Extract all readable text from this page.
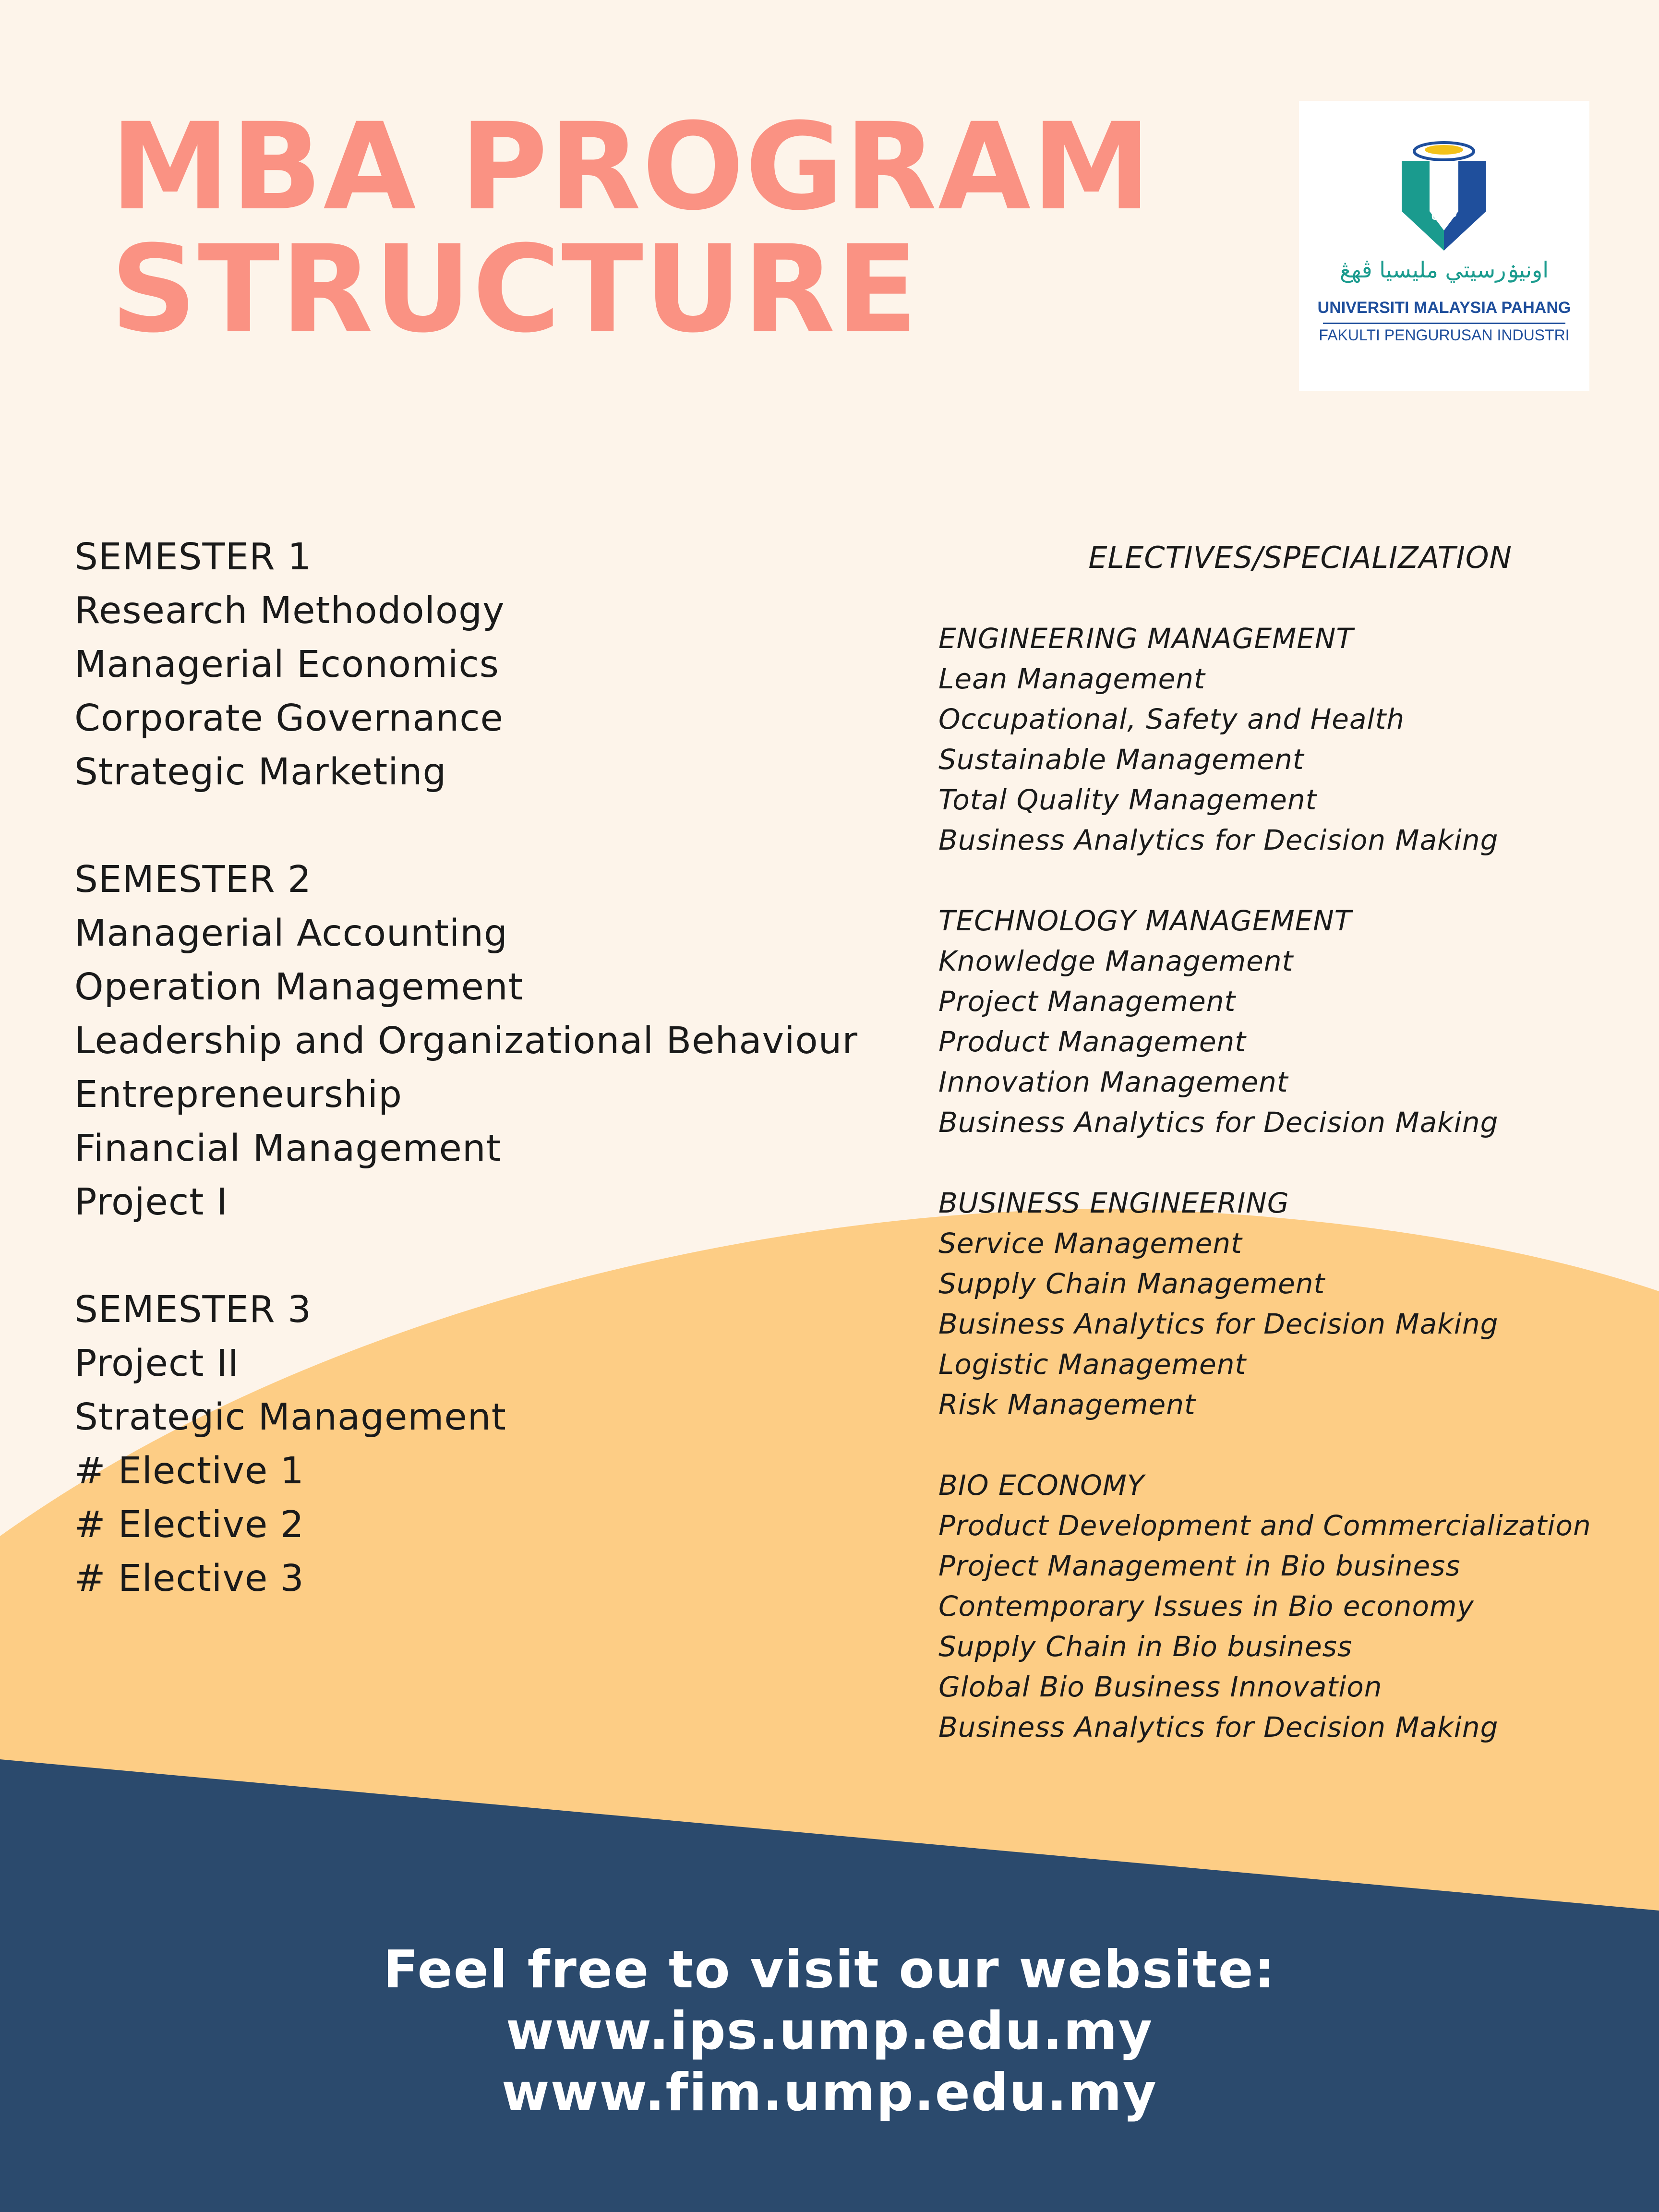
MBA PROGRAM
STRUCTURE
UMP

اونيۏرسيتي مليسيا ڤهڠ

UNIVERSITI MALAYSIA PAHANG

FAKULTI PENGURUSAN INDUSTRI

SEMESTER 1
Research Methodology
Managerial Economics
Corporate Governance
Strategic Marketing
SEMESTER 2
Managerial Accounting
Operation Management
Leadership and Organizational Behaviour
Entrepreneurship
Financial Management
Project I
SEMESTER 3
Project II
Strategic Management
# Elective 1
# Elective 2
# Elective 3
ELECTIVES/SPECIALIZATION
ENGINEERING MANAGEMENT
Lean Management
Occupational, Safety and Health
Sustainable Management
Total Quality Management
Business Analytics for Decision Making
TECHNOLOGY MANAGEMENT
Knowledge Management
Project Management
Product Management
Innovation Management
Business Analytics for Decision Making
BUSINESS ENGINEERING
Service Management
Supply Chain Management
Business Analytics for Decision Making
Logistic Management
Risk Management
BIO ECONOMY
Product Development and Commercialization
Project Management in Bio business
Contemporary Issues in Bio economy
Supply Chain in Bio business
Global Bio Business Innovation
Business Analytics for Decision Making
Feel free to visit our website:
www.ips.ump.edu.my
www.fim.ump.edu.my
